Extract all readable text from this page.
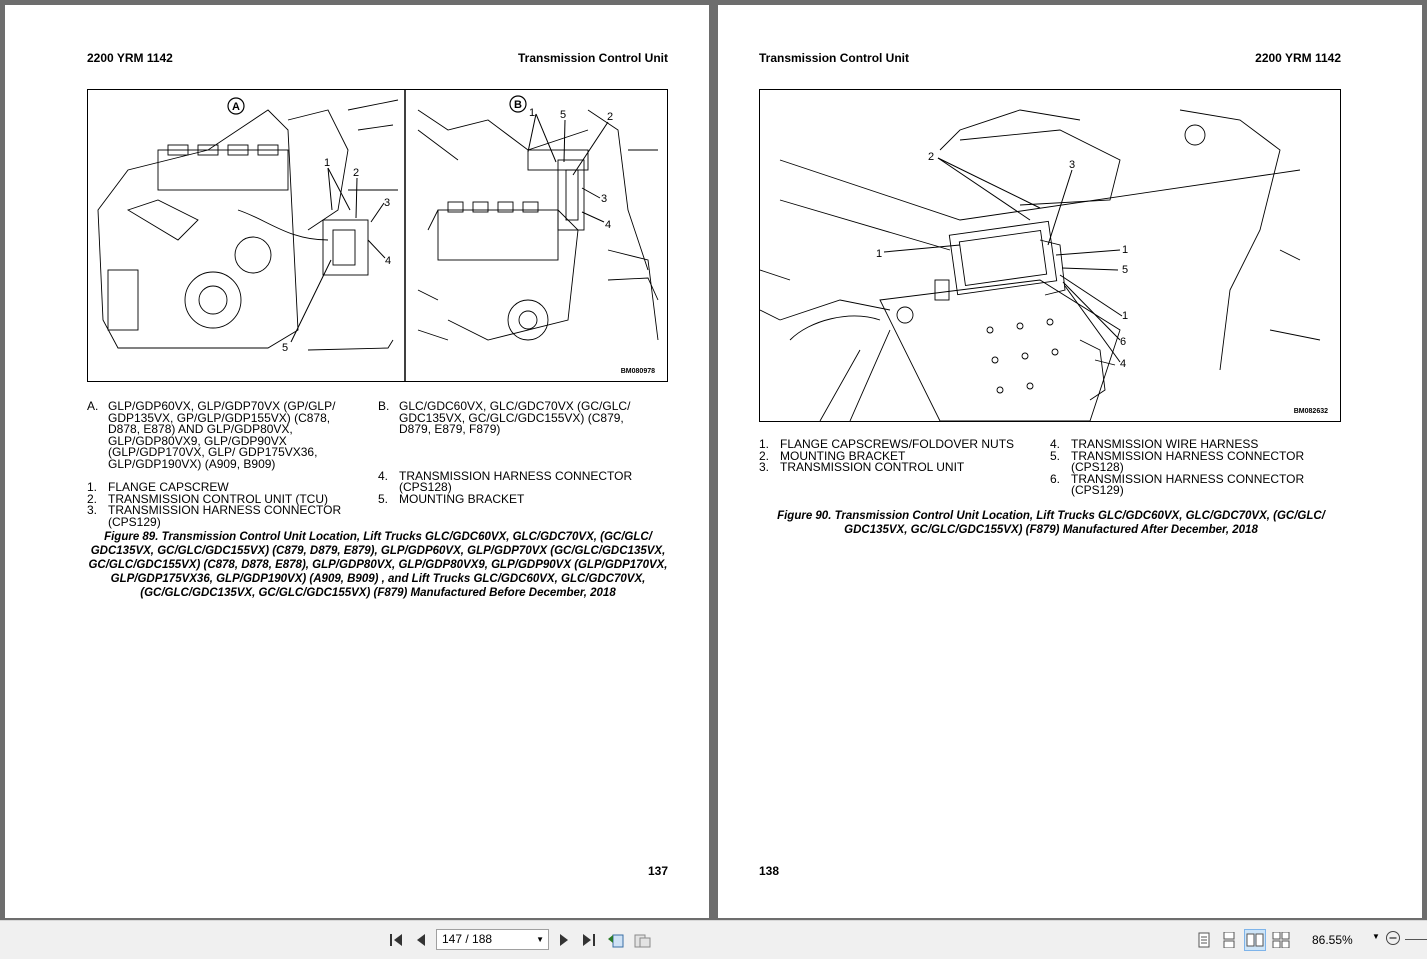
2200 YRM 1142	Transmission Control Unit
A
1
2
3
4
5
B
1 5	2
3
4
BM080978
A. GLP/GDP60VX, GLP/GDP70VX (GP/GLP/ GDP135VX, GP/GLP/GDP155VX) (C878, D878, E878) AND GLP/GDP80VX, GLP/GDP80VX9, GLP/GDP90VX (GLP/GDP170VX, GLP/ GDP175VX36, GLP/GDP190VX) (A909, B909)
1. FLANGE CAPSCREW
2. TRANSMISSION CONTROL UNIT (TCU)
3. TRANSMISSION HARNESS CONNECTOR (CPS129)
B. GLC/GDC60VX, GLC/GDC70VX (GC/GLC/ GDC135VX, GC/GLC/GDC155VX) (C879, D879, E879, F879)
4. TRANSMISSION HARNESS CONNECTOR (CPS128)
5. MOUNTING BRACKET
Figure 89. Transmission Control Unit Location, Lift Trucks GLC/GDC60VX, GLC/GDC70VX, (GC/GLC/ GDC135VX, GC/GLC/GDC155VX) (C879, D879, E879), GLP/GDP60VX, GLP/GDP70VX (GC/GLC/GDC135VX, GC/GLC/GDC155VX) (C878, D878, E878), GLP/GDP80VX, GLP/GDP80VX9, GLP/GDP90VX (GLP/GDP170VX, GLP/GDP175VX36, GLP/GDP190VX) (A909, B909) , and Lift Trucks GLC/GDC60VX, GLC/GDC70VX, (GC/GLC/GDC135VX, GC/GLC/GDC155VX) (F879) Manufactured Before December, 2018
137
Transmission Control Unit	2200 YRM 1142
2
3
1	1
5
1
6
4
BM082632
1. FLANGE CAPSCREWS/FOLDOVER NUTS
2. MOUNTING BRACKET
3. TRANSMISSION CONTROL UNIT
4. TRANSMISSION WIRE HARNESS
5. TRANSMISSION HARNESS CONNECTOR (CPS128)
6. TRANSMISSION HARNESS CONNECTOR (CPS129)
Figure 90. Transmission Control Unit Location, Lift Trucks GLC/GDC60VX, GLC/GDC70VX, (GC/GLC/ GDC135VX, GC/GLC/GDC155VX) (F879) Manufactured After December, 2018
138
147 / 188	▼	86.55% ▼
